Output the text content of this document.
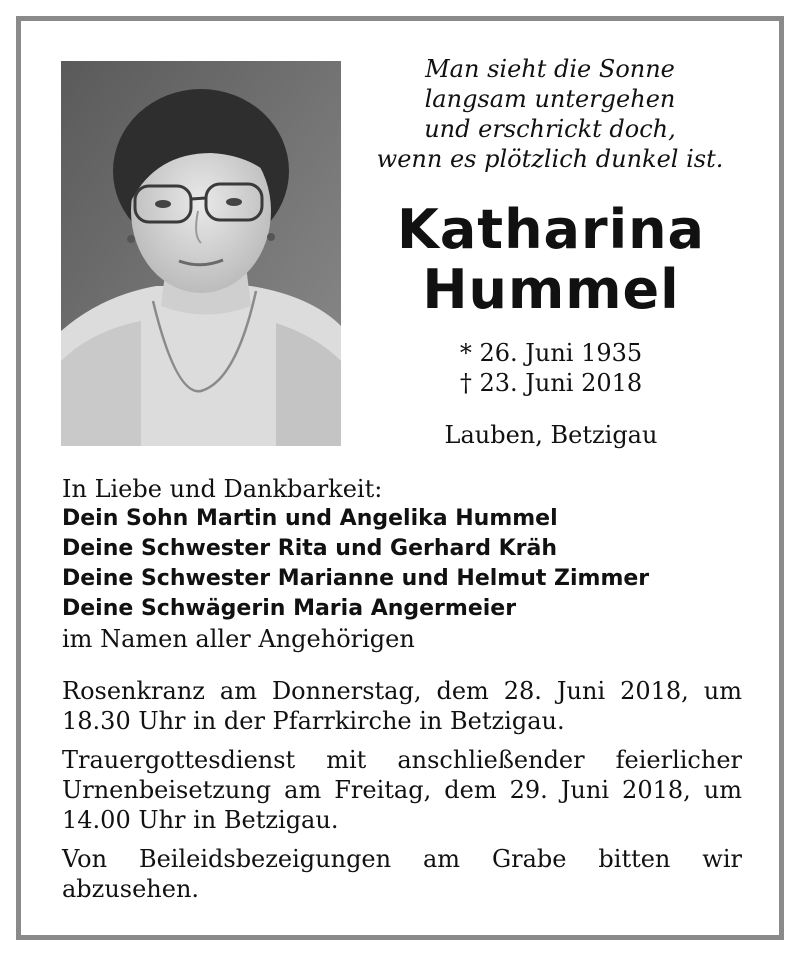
Man sieht die Sonne
langsam untergehen
und erschrickt doch,
wenn es plötzlich dunkel ist.
Katharina
Hummel
* 26. Juni 1935
† 23. Juni 2018
Lauben, Betzigau
In Liebe und Dankbarkeit:
Dein Sohn Martin und Angelika Hummel
Deine Schwester Rita und Gerhard Kräh
Deine Schwester Marianne und Helmut Zimmer
Deine Schwägerin Maria Angermeier
im Namen aller Angehörigen

Rosenkranz am Donnerstag, dem 28. Juni 2018, um 18.30 Uhr in der Pfarrkirche in Betzigau.

Trauergottesdienst mit anschließender feierlicher Urnenbeisetzung am Freitag, dem 29. Juni 2018, um 14.00 Uhr in Betzigau.

Von Beileidsbezeigungen am Grabe bitten wir abzusehen.
